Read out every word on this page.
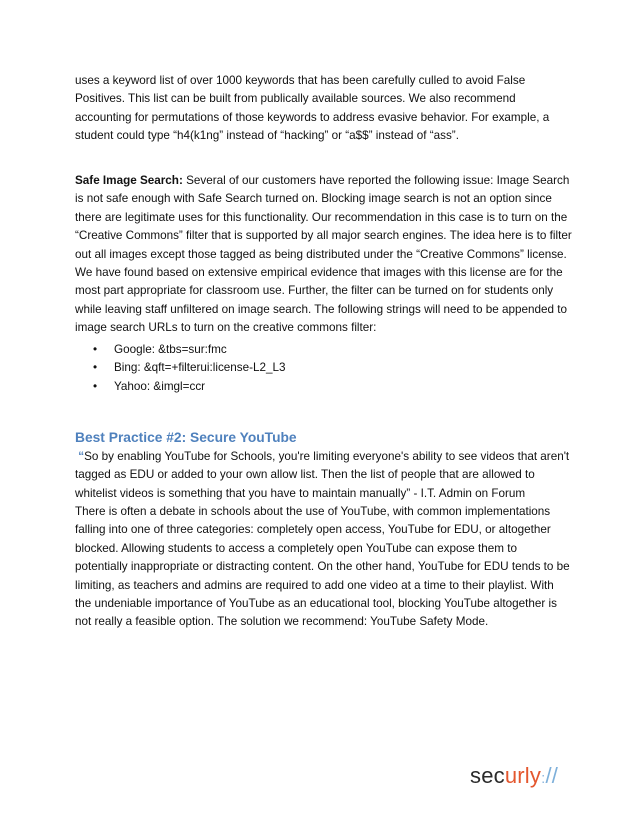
uses a keyword list of over 1000 keywords that has been carefully culled to avoid False
Positives. This list can be built from publically available sources. We also recommend
accounting for permutations of those keywords to address evasive behavior. For example, a
student could type “h4(k1ng” instead of “hacking” or “a$$” instead of “ass”.

Safe Image Search: Several of our customers have reported the following issue: Image Search
is not safe enough with Safe Search turned on. Blocking image search is not an option since
there are legitimate uses for this functionality. Our recommendation in this case is to turn on the
“Creative Commons” filter that is supported by all major search engines. The idea here is to filter
out all images except those tagged as being distributed under the “Creative Commons” license.
We have found based on extensive empirical evidence that images with this license are for the
most part appropriate for classroom use. Further, the filter can be turned on for students only
while leaving staff unfiltered on image search. The following strings will need to be appended to
image search URLs to turn on the creative commons filter:

• Google: &tbs=sur:fmc
• Bing: &qft=+filterui:license-L2_L3
• Yahoo: &imgl=ccr
Best Practice #2: Secure YouTube

“So by enabling YouTube for Schools, you're limiting everyone's ability to see videos that aren't
tagged as EDU or added to your own allow list. Then the list of people that are allowed to
whitelist videos is something that you have to maintain manually” - I.T. Admin on Forum

There is often a debate in schools about the use of YouTube, with common implementations
falling into one of three categories: completely open access, YouTube for EDU, or altogether
blocked. Allowing students to access a completely open YouTube can expose them to
potentially inappropriate or distracting content. On the other hand, YouTube for EDU tends to be
limiting, as teachers and admins are required to add one video at a time to their playlist. With
the undeniable importance of YouTube as an educational tool, blocking YouTube altogether is
not really a feasible option. The solution we recommend: YouTube Safety Mode.

securly://
